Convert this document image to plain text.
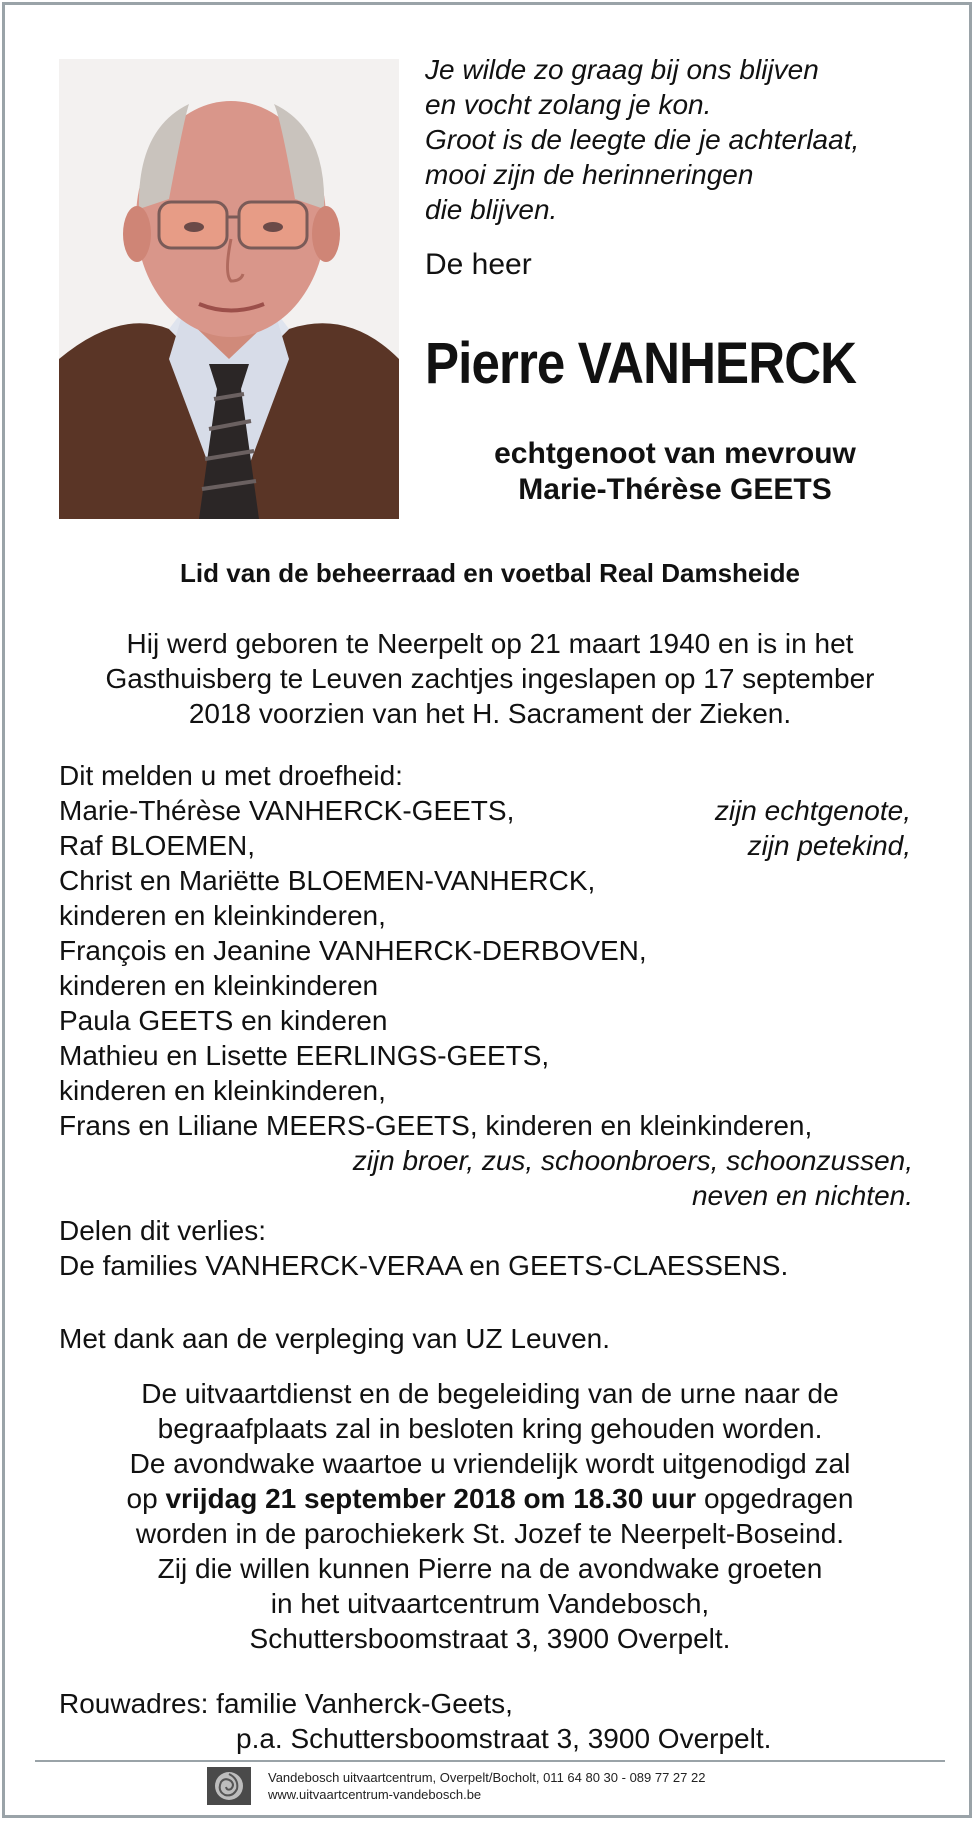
Je wilde zo graag bij ons blijven
en vocht zolang je kon.
Groot is de leegte die je achterlaat,
mooi zijn de herinneringen
die blijven.
De heer
Pierre VANHERCK
echtgenoot van mevrouw
Marie-Thérèse GEETS
Lid van de beheerraad en voetbal Real Damsheide
Hij werd geboren te Neerpelt op 21 maart 1940 en is in het
Gasthuisberg te Leuven zachtjes ingeslapen op 17 september
2018 voorzien van het H. Sacrament der Zieken.
Dit melden u met droefheid:
Marie-Thérèse VANHERCK-GEETS,	zijn echtgenote,
Raf BLOEMEN,	zijn petekind,
Christ en Mariëtte BLOEMEN-VANHERCK,
kinderen en kleinkinderen,
François en Jeanine VANHERCK-DERBOVEN,
kinderen en kleinkinderen
Paula GEETS en kinderen
Mathieu en Lisette EERLINGS-GEETS,
kinderen en kleinkinderen,
Frans en Liliane MEERS-GEETS, kinderen en kleinkinderen,
zijn broer, zus, schoonbroers, schoonzussen,
neven en nichten.
Delen dit verlies:
De families VANHERCK-VERAA en GEETS-CLAESSENS.
Met dank aan de verpleging van UZ Leuven.
De uitvaartdienst en de begeleiding van de urne naar de
begraafplaats zal in besloten kring gehouden worden.
De avondwake waartoe u vriendelijk wordt uitgenodigd zal
op vrijdag 21 september 2018 om 18.30 uur opgedragen
worden in de parochiekerk St. Jozef te Neerpelt-Boseind.
Zij die willen kunnen Pierre na de avondwake groeten
in het uitvaartcentrum Vandebosch,
Schuttersboomstraat 3, 3900 Overpelt.
Rouwadres: familie Vanherck-Geets,
p.a. Schuttersboomstraat 3, 3900 Overpelt.
Vandebosch uitvaartcentrum, Overpelt/Bocholt, 011 64 80 30 - 089 77 27 22
www.uitvaartcentrum-vandebosch.be
